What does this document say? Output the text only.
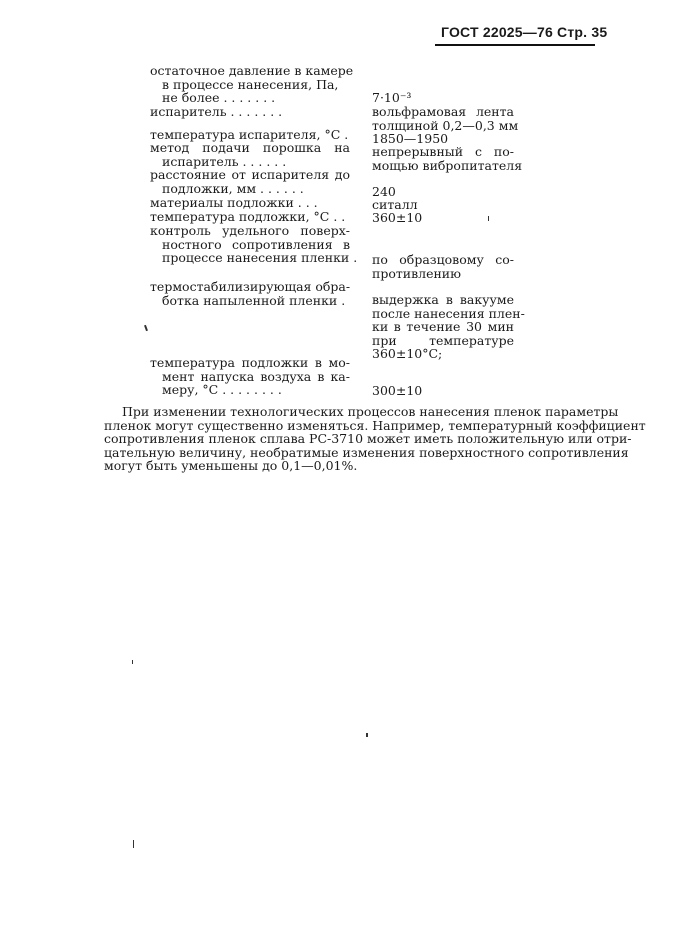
ГОСТ 22025—76 Стр. 35
остаточное давление в камере
в процессе нанесения, Па,
не более . . . . . . .	7·10⁻³
испаритель . . . . . . .	вольфрамовая лента
толщиной 0,2—0,3 мм
температура испарителя, °С . 1850—1950
метод подачи порошка на
испаритель . . . . . .
непрерывный с по-
мощью вибропитателя
расстояние от испарителя до
подложки, мм . . . . . .	240
материалы подложки . . .	ситалл
температура подложки, °С . .	360±10
контроль удельного поверх-
ностного сопротивления в
процессе нанесения пленки . по образцовому со-
противлению
термостабилизирующая обра-
ботка напыленной пленки .	выдержка в вакууме
после нанесения плен-
ки в течение 30 мин
при температуре
360±10°С;
температура подложки в мо-
мент напуска воздуха в ка-
меру, °С . . . . . . . .	300±10
При изменении технологических процессов нанесения пленок параметры
пленок могут существенно изменяться. Например, температурный коэффициент
сопротивления пленок сплава РС-3710 может иметь положительную или отри-
цательную величину, необратимые изменения поверхностного сопротивления
могут быть уменьшены до 0,1—0,01%.
